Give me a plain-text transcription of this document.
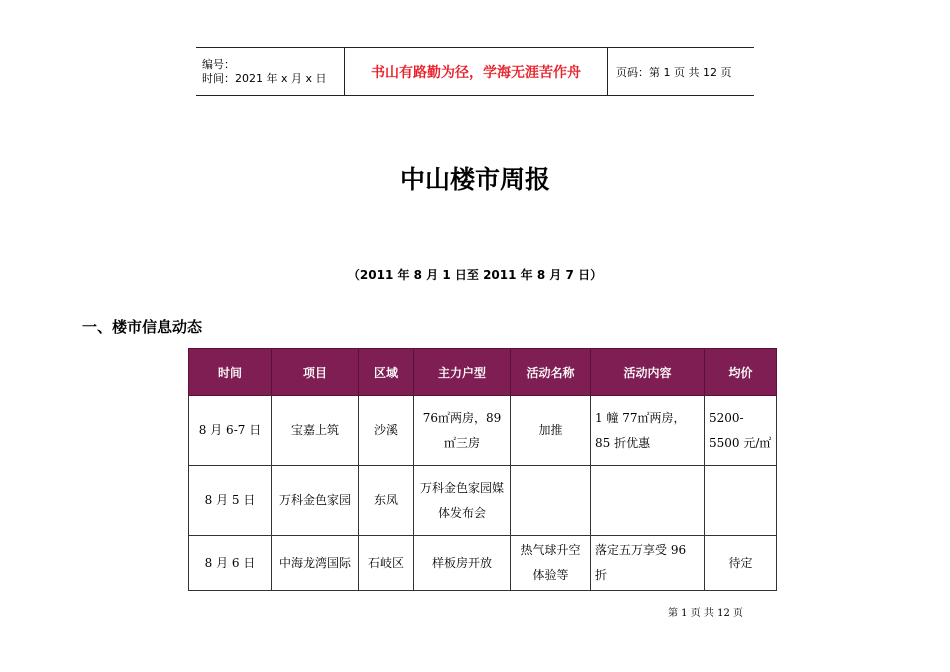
编号：
时间：2021 年 x 月 x 日	书山有路勤为径，学海无涯苦作舟	页码：第 1 页 共 12 页
中山楼市周报
（2011 年 8 月 1 日至 2011 年 8 月 7 日）
一、楼市信息动态
时间	项目	区域	主力户型	活动名称	活动内容	均价
8 月 6-7 日	宝嘉上筑	沙溪	76㎡两房，89㎡三房	加推	1 幢 77㎡两房，85 折优惠	5200-5500 元/㎡
8 月 5 日	万科金色家园	东凤	万科金色家园媒体发布会			
8 月 6 日	中海龙湾国际	石岐区	样板房开放	热气球升空体验等	落定五万享受 96 折	待定
第 1 页 共 12 页
